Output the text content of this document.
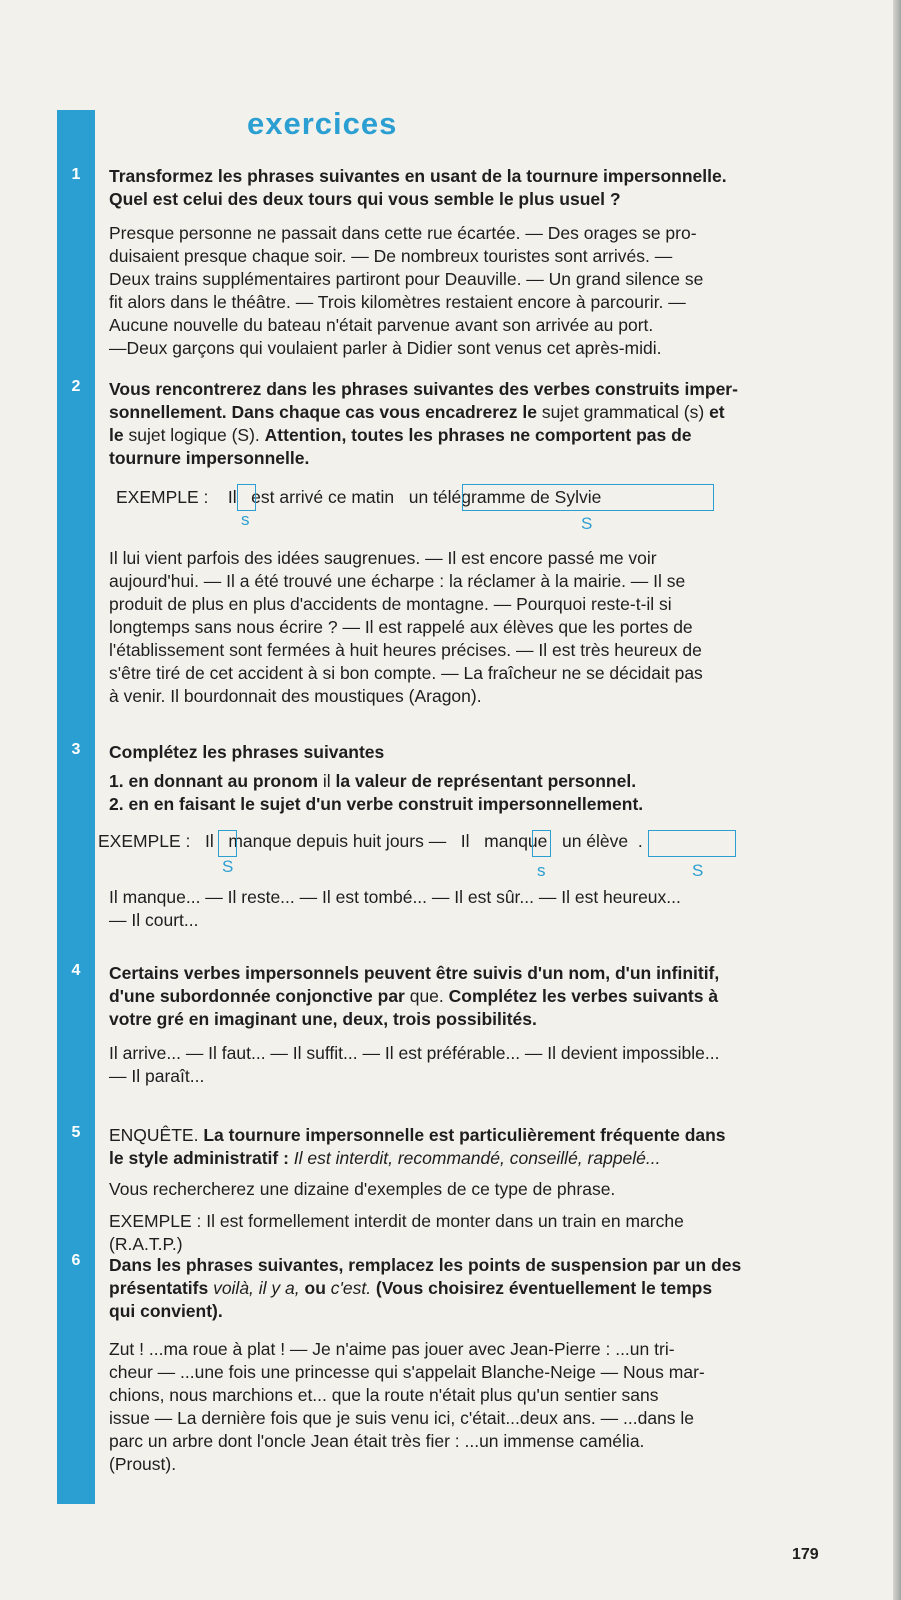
1
2
3
4
5
6
exercices
Transformez les phrases suivantes en usant de la tournure impersonnelle.
Quel est celui des deux tours qui vous semble le plus usuel ?
Presque personne ne passait dans cette rue écartée. — Des orages se pro-
duisaient presque chaque soir. — De nombreux touristes sont arrivés. —
Deux trains supplémentaires partiront pour Deauville. — Un grand silence se
fit alors dans le théâtre. — Trois kilomètres restaient encore à parcourir. —
Aucune nouvelle du bateau n'était parvenue avant son arrivée au port.
—Deux garçons qui voulaient parler à Didier sont venus cet après-midi.
Vous rencontrerez dans les phrases suivantes des verbes construits imper-
sonnellement. Dans chaque cas vous encadrerez le sujet grammatical (s) et
le sujet logique (S). Attention, toutes les phrases ne comportent pas de
tournure impersonnelle.
EXEMPLE :    Il   est arrivé ce matin   un télégramme de Sylvie
s	S
Il lui vient parfois des idées saugrenues. — Il est encore passé me voir
aujourd'hui. — Il a été trouvé une écharpe : la réclamer à la mairie. — Il se
produit de plus en plus d'accidents de montagne. — Pourquoi reste-t-il si
longtemps sans nous écrire ? — Il est rappelé aux élèves que les portes de
l'établissement sont fermées à huit heures précises. — Il est très heureux de
s'être tiré de cet accident à si bon compte. — La fraîcheur ne se décidait pas
à venir. Il bourdonnait des moustiques (Aragon).
Complétez les phrases suivantes
1. en donnant au pronom il la valeur de représentant personnel.
2. en en faisant le sujet d'un verbe construit impersonnellement.
EXEMPLE :   Il   manque depuis huit jours —   Il   manque   un élève  .
S	s	S
Il manque... — Il reste... — Il est tombé... — Il est sûr... — Il est heureux...
— Il court...
Certains verbes impersonnels peuvent être suivis d'un nom, d'un infinitif,
d'une subordonnée conjonctive par que. Complétez les verbes suivants à
votre gré en imaginant une, deux, trois possibilités.
Il arrive... — Il faut... — Il suffit... — Il est préférable... — Il devient impossible...
— Il paraît...
ENQUÊTE. La tournure impersonnelle est particulièrement fréquente dans
le style administratif : Il est interdit, recommandé, conseillé, rappelé...
Vous rechercherez une dizaine d'exemples de ce type de phrase.
EXEMPLE : Il est formellement interdit de monter dans un train en marche
(R.A.T.P.)
Dans les phrases suivantes, remplacez les points de suspension par un des
présentatifs voilà, il y a, ou c'est. (Vous choisirez éventuellement le temps
qui convient).
Zut ! ...ma roue à plat ! — Je n'aime pas jouer avec Jean-Pierre : ...un tri-
cheur — ...une fois une princesse qui s'appelait Blanche-Neige — Nous mar-
chions, nous marchions et... que la route n'était plus qu'un sentier sans
issue — La dernière fois que je suis venu ici, c'était...deux ans. — ...dans le
parc un arbre dont l'oncle Jean était très fier : ...un immense camélia.
(Proust).
179
